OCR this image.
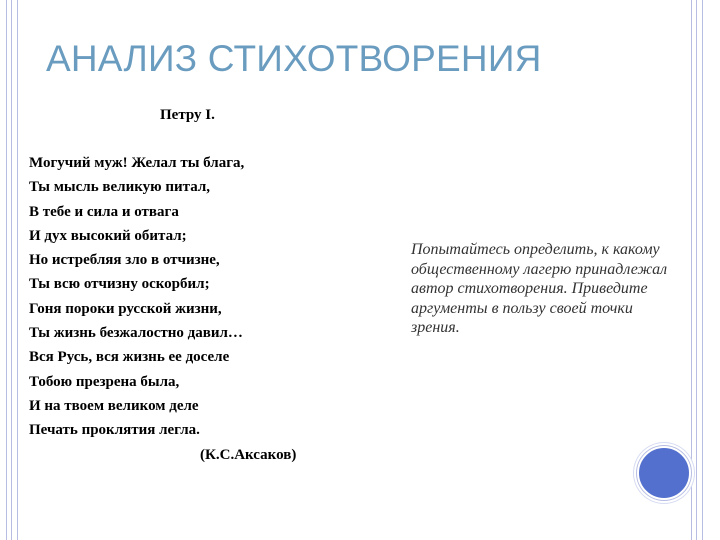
АНАЛИЗ СТИХОТВОРЕНИЯ
Петру I.
Могучий муж! Желал ты блага,
Ты мысль великую питал,
В тебе и сила и отвага
И дух высокий обитал;
Но истребляя зло в отчизне,
Ты всю отчизну оскорбил;
Гоня пороки русской жизни,
Ты жизнь безжалостно давил…
Вся Русь, вся жизнь ее доселе
Тобою презрена была,
И на твоем великом деле
Печать проклятия легла.
(К.С.Аксаков)

Попытайтесь определить, к какому общественному лагерю принадлежал автор стихотворения. Приведите аргументы в пользу своей точки зрения.
